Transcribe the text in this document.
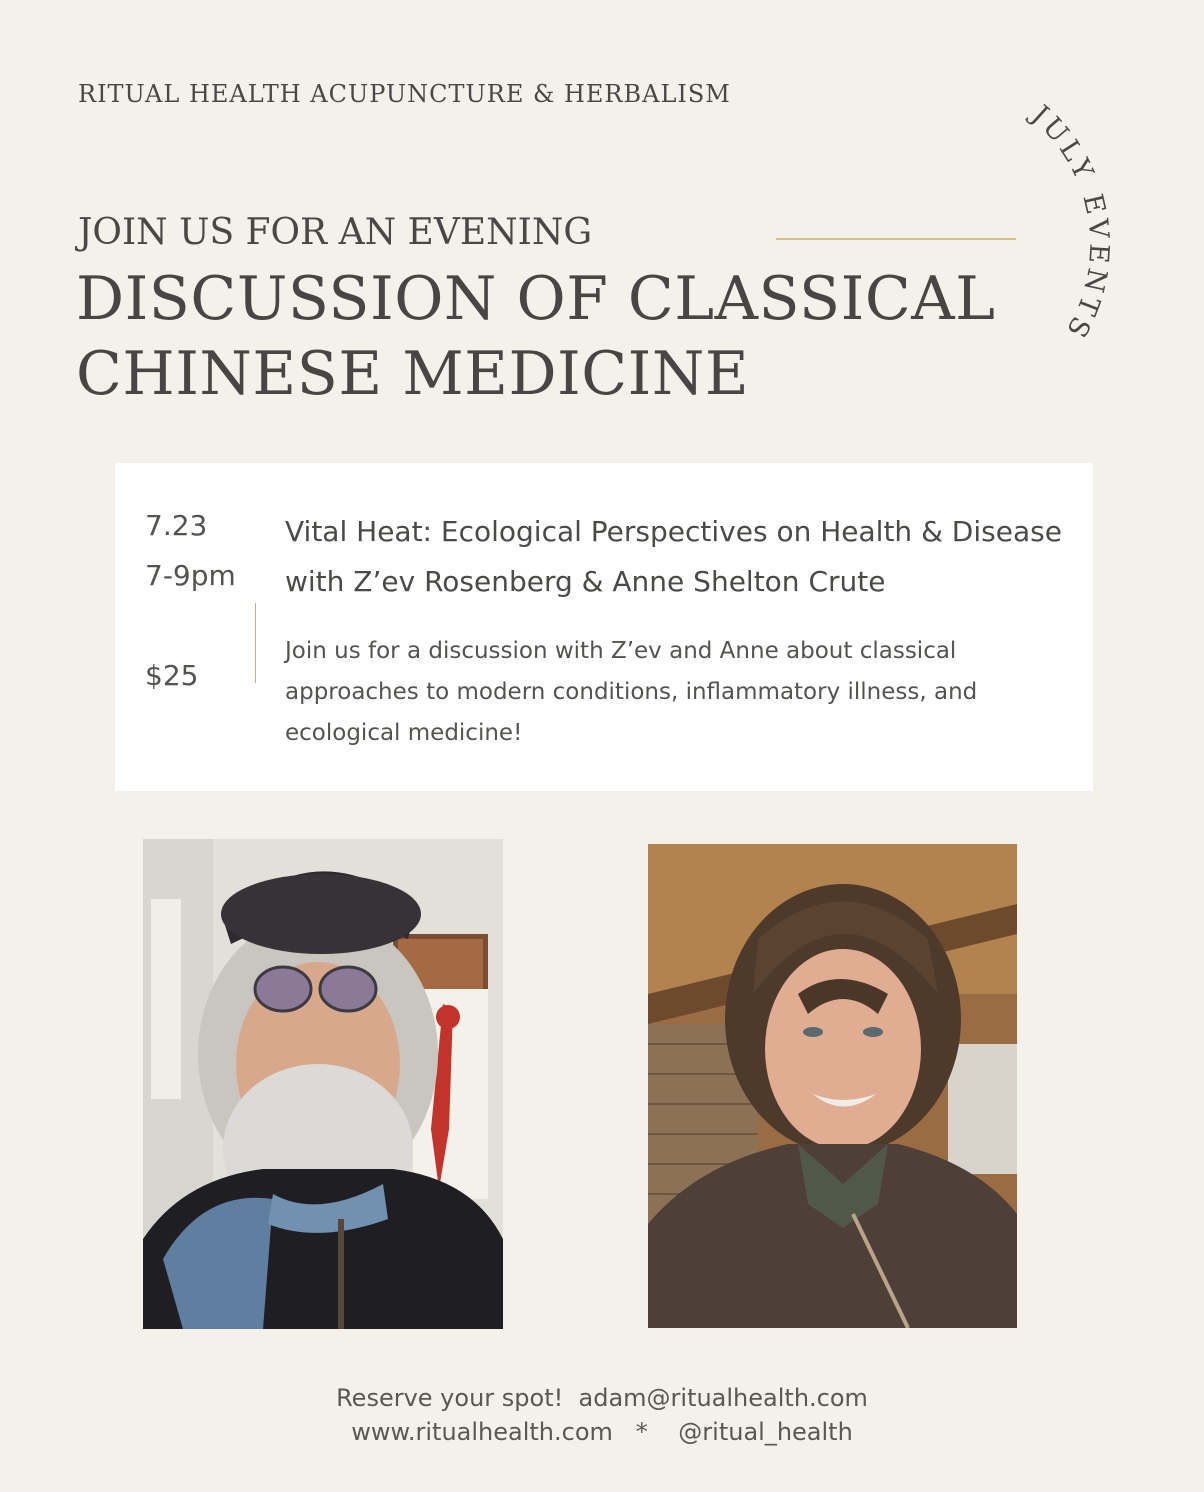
RITUAL HEALTH ACUPUNCTURE & HERBALISM
JULY EVENTS
JOIN US FOR AN EVENING
DISCUSSION OF CLASSICAL CHINESE MEDICINE
7.23
7-9pm
$25
Vital Heat: Ecological Perspectives on Health & Disease with Z’ev Rosenberg & Anne Shelton Crute
Join us for a discussion with Z’ev and Anne about classical approaches to modern conditions, inflammatory illness, and ecological medicine!
Reserve your spot! adam@ritualhealth.com
www.ritualhealth.com * @ritual_health
